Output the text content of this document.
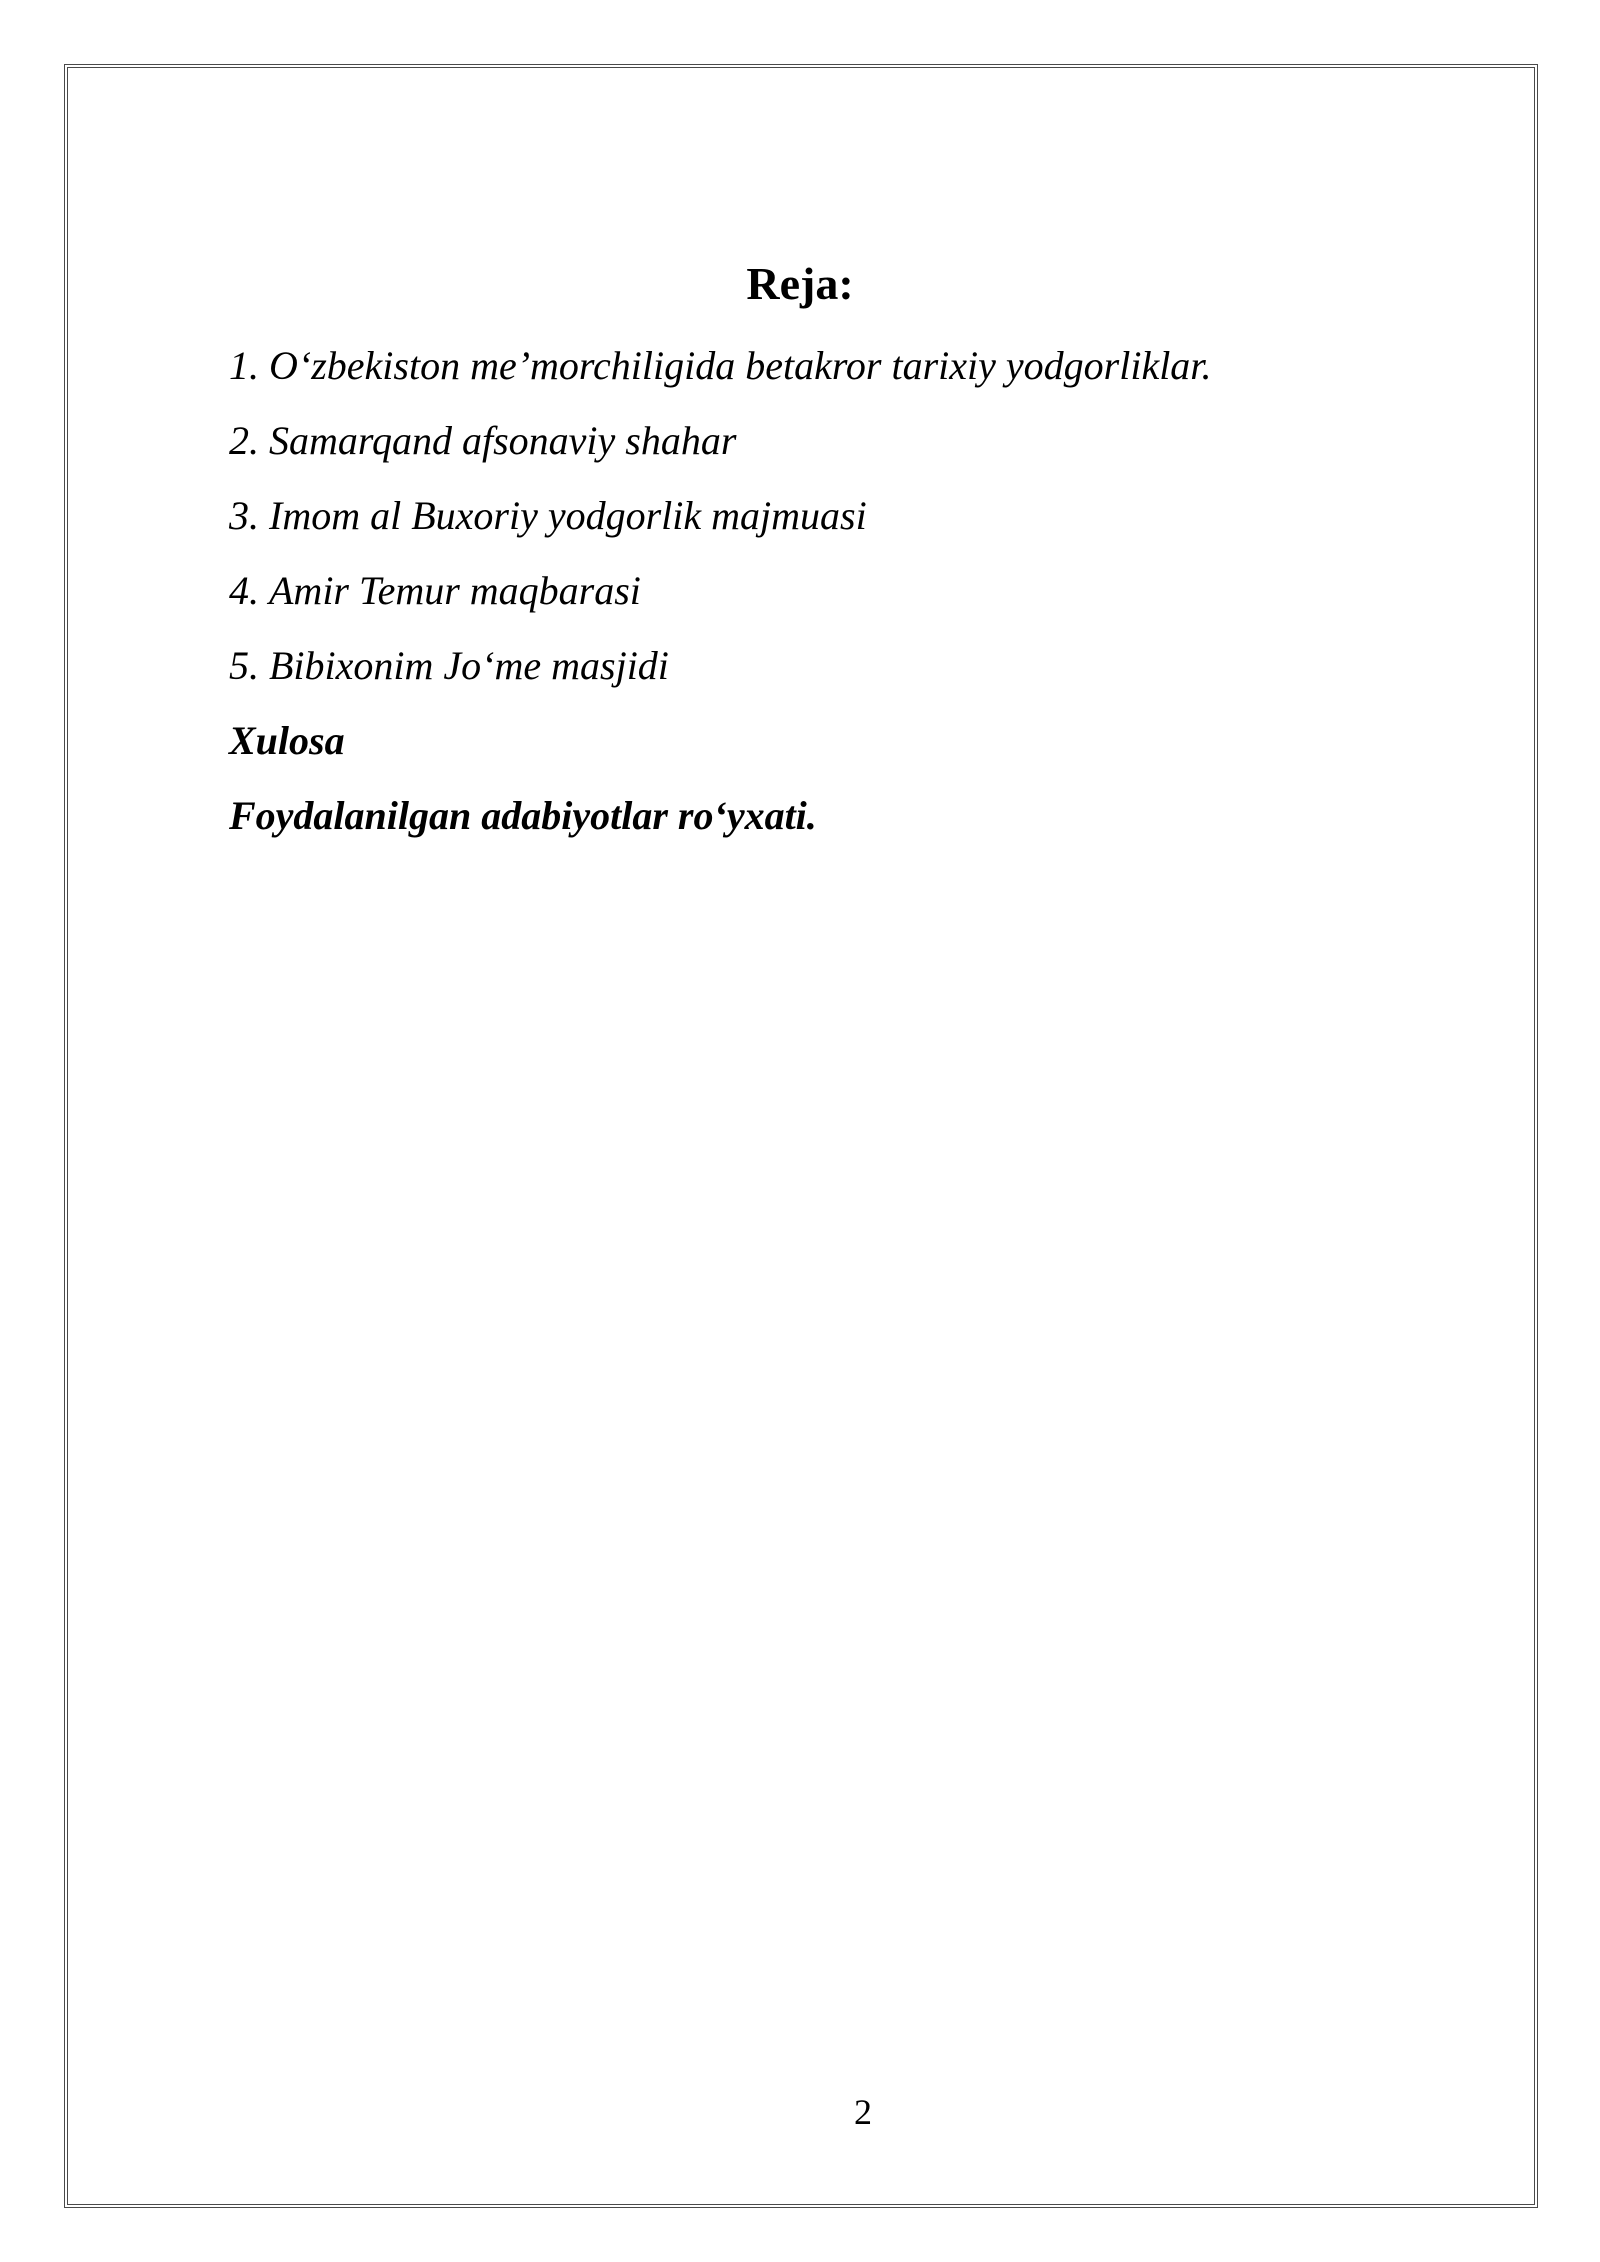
Reja:
1. O‘zbekiston me’morchiligida betakror tarixiy yodgorliklar.
2. Samarqand afsonaviy shahar
3. Imom al Buxoriy yodgorlik majmuasi
4. Amir Temur maqbarasi
5. Bibixonim Jo‘me masjidi
Xulosa
Foydalanilgan adabiyotlar ro‘yxati.
2
